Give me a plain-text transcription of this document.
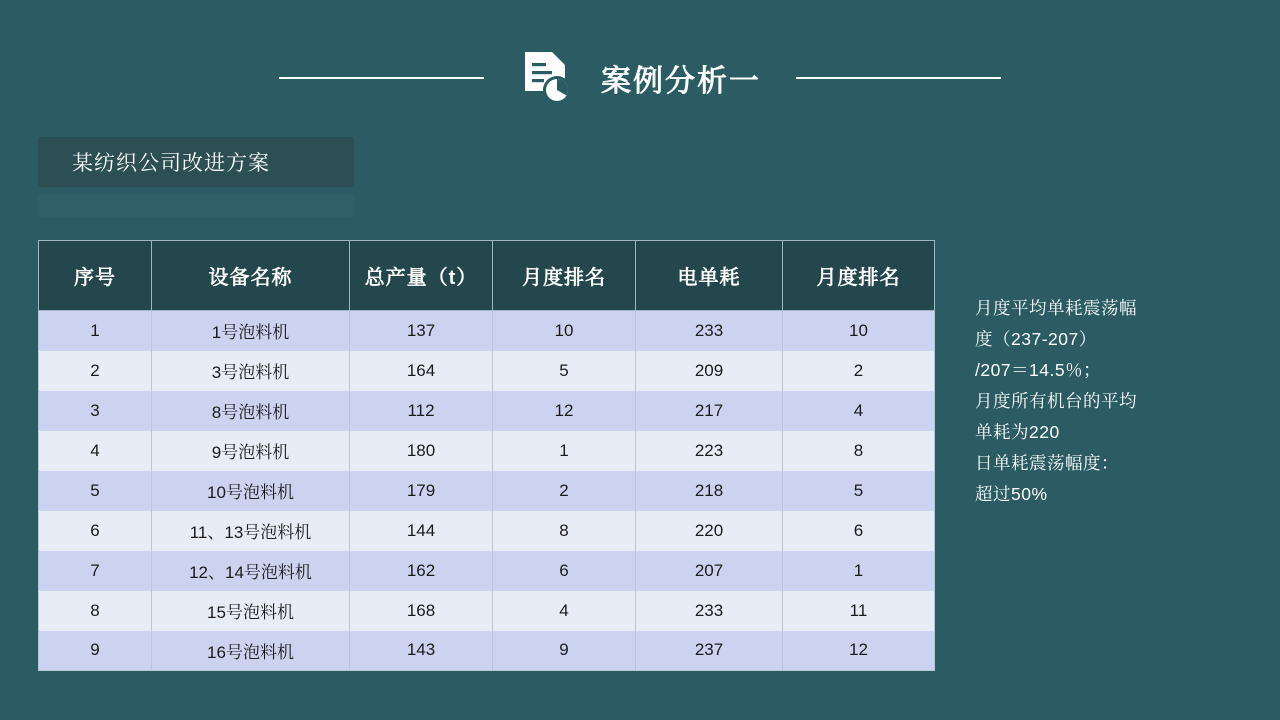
案例分析一
某纺织公司改进方案
序号	设备名称	总产量（t）	月度排名	电单耗	月度排名
1	1号泡料机	137	10	233	10
2	3号泡料机	164	5	209	2
3	8号泡料机	112	12	217	4
4	9号泡料机	180	1	223	8
5	10号泡料机	179	2	218	5
6	11、13号泡料机	144	8	220	6
7	12、14号泡料机	162	6	207	1
8	15号泡料机	168	4	233	11
9	16号泡料机	143	9	237	12

月度平均单耗震荡幅

度（237-207）

/207＝14.5％；

月度所有机台的平均

单耗为220

日单耗震荡幅度：

超过50%
